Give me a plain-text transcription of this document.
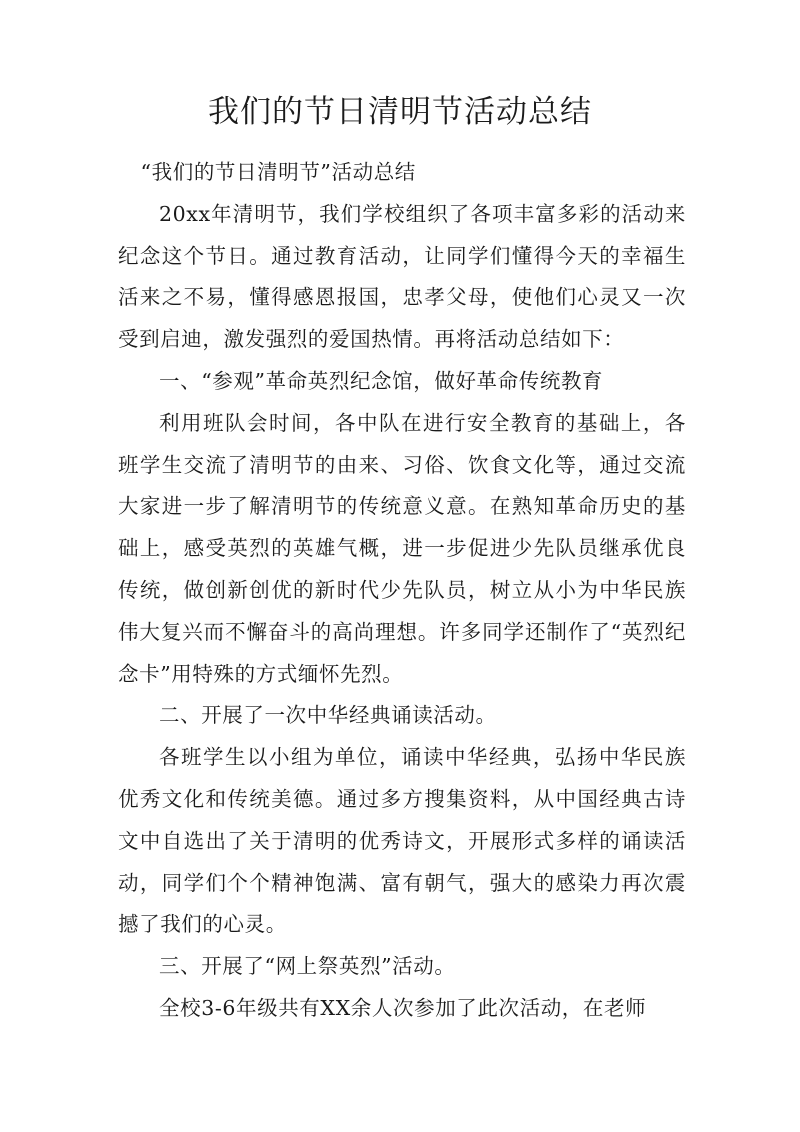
我们的节日清明节活动总结

“我们的节日清明节”活动总结

20xx年清明节，我们学校组织了各项丰富多彩的活动来纪念这个节日。通过教育活动，让同学们懂得今天的幸福生活来之不易，懂得感恩报国，忠孝父母，使他们心灵又一次受到启迪，激发强烈的爱国热情。再将活动总结如下：

一、“参观”革命英烈纪念馆，做好革命传统教育

利用班队会时间，各中队在进行安全教育的基础上，各班学生交流了清明节的由来、习俗、饮食文化等，通过交流大家进一步了解清明节的传统意义意。在熟知革命历史的基础上，感受英烈的英雄气概，进一步促进少先队员继承优良传统，做创新创优的新时代少先队员，树立从小为中华民族伟大复兴而不懈奋斗的高尚理想。许多同学还制作了“英烈纪念卡”用特殊的方式缅怀先烈。

二、开展了一次中华经典诵读活动。

各班学生以小组为单位，诵读中华经典，弘扬中华民族优秀文化和传统美德。通过多方搜集资料，从中国经典古诗文中自选出了关于清明的优秀诗文，开展形式多样的诵读活动，同学们个个精神饱满、富有朝气，强大的感染力再次震撼了我们的心灵。

三、开展了“网上祭英烈”活动。

全校3-6年级共有XX余人次参加了此次活动，在老师
